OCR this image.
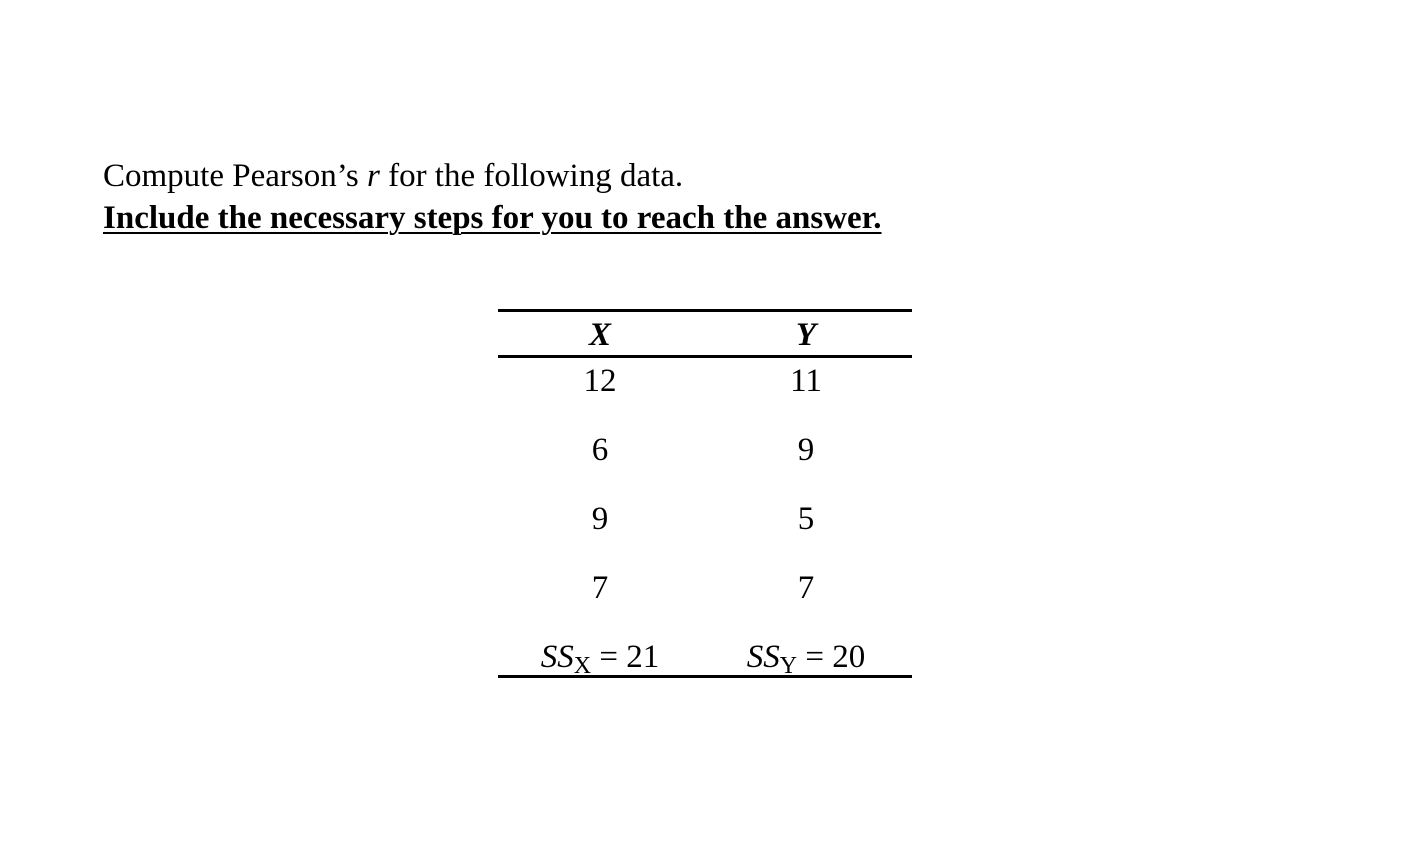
Compute Pearson’s r for the following data.
Include the necessary steps for you to reach the answer.
X	Y
12	11
6	9
9	5
7	7
$SS_X = 21$	$SS_Y = 20$
